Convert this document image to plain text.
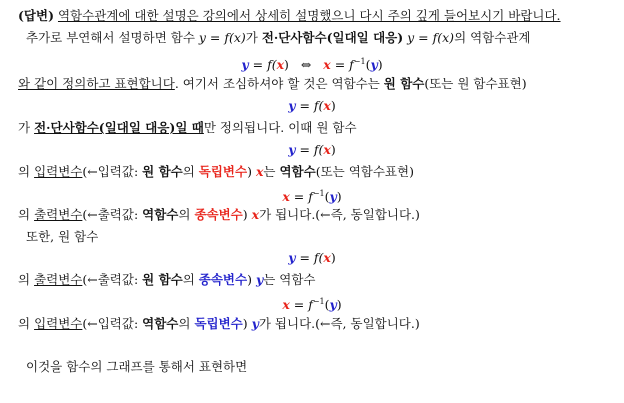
(답변) 역함수관계에 대한 설명은 강의에서 상세히 설명했으니 다시 주의 깊게 들어보시기 바랍니다.
추가로 부연해서 설명하면 함수 y = f(x)가 전·단사함수(일대일 대응) y = f(x)의 역함수관계
y = f(x) ⇔ $x = f^{-1}(y)$
와 같이 정의하고 표현합니다. 여기서 조심하셔야 할 것은 역함수는 원 함수(또는 원 함수표현)
y = f(x)
가 전·단사함수(일대일 대응)일 때만 정의됩니다. 이때 원 함수
y = f(x)
의 입력변수(←입력값: 원 함수의 독립변수) x는 역함수(또는 역함수표현)
$x = f^{-1}(y)$
의 출력변수(←출력값: 역함수의 종속변수) x가 됩니다.(←즉, 동일합니다.)
또한, 원 함수
y = f(x)
의 출력변수(←출력값: 원 함수의 종속변수) y는 역함수
$x = f^{-1}(y)$
의 입력변수(←입력값: 역함수의 독립변수) y가 됩니다.(←즉, 동일합니다.)
이것을 함수의 그래프를 통해서 표현하면
